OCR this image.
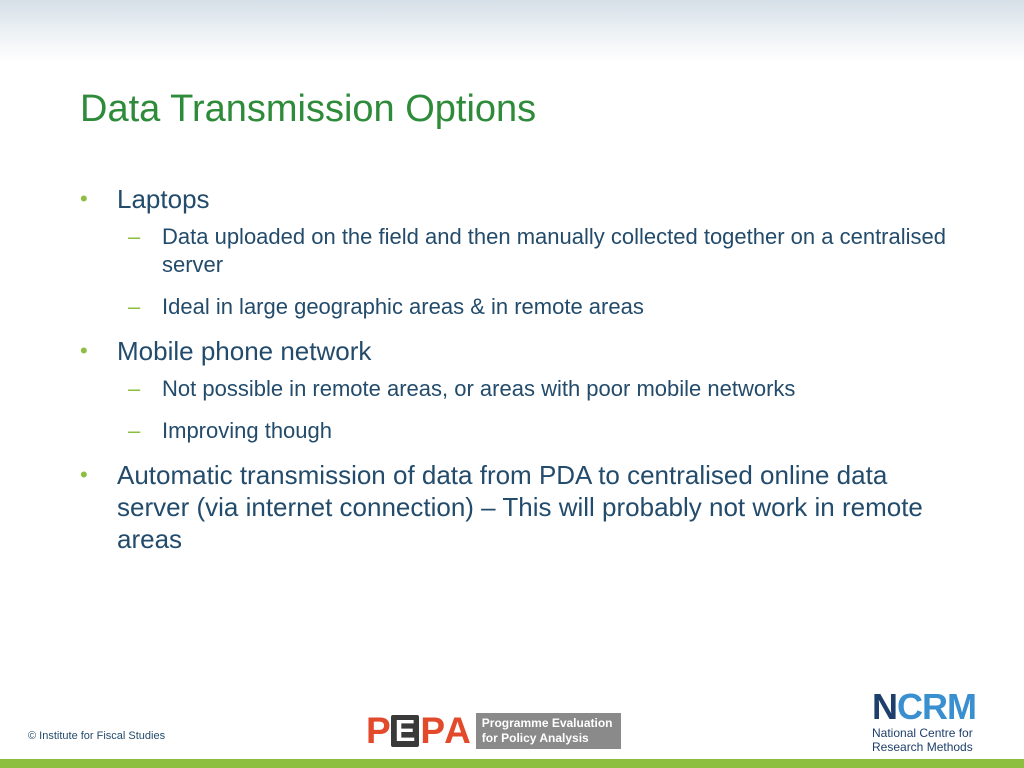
Data Transmission Options
• Laptops
– Data uploaded on the field and then manually collected together on a centralised server
– Ideal in large geographic areas & in remote areas
• Mobile phone network
– Not possible in remote areas, or areas with poor mobile networks
– Improving though
• Automatic transmission of data from PDA to centralised online data server (via internet connection) – This will probably not work in remote areas
© Institute for Fiscal Studies	P E P A Programme Evaluation
for Policy Analysis
NCRM
National Centre for
Research Methods
